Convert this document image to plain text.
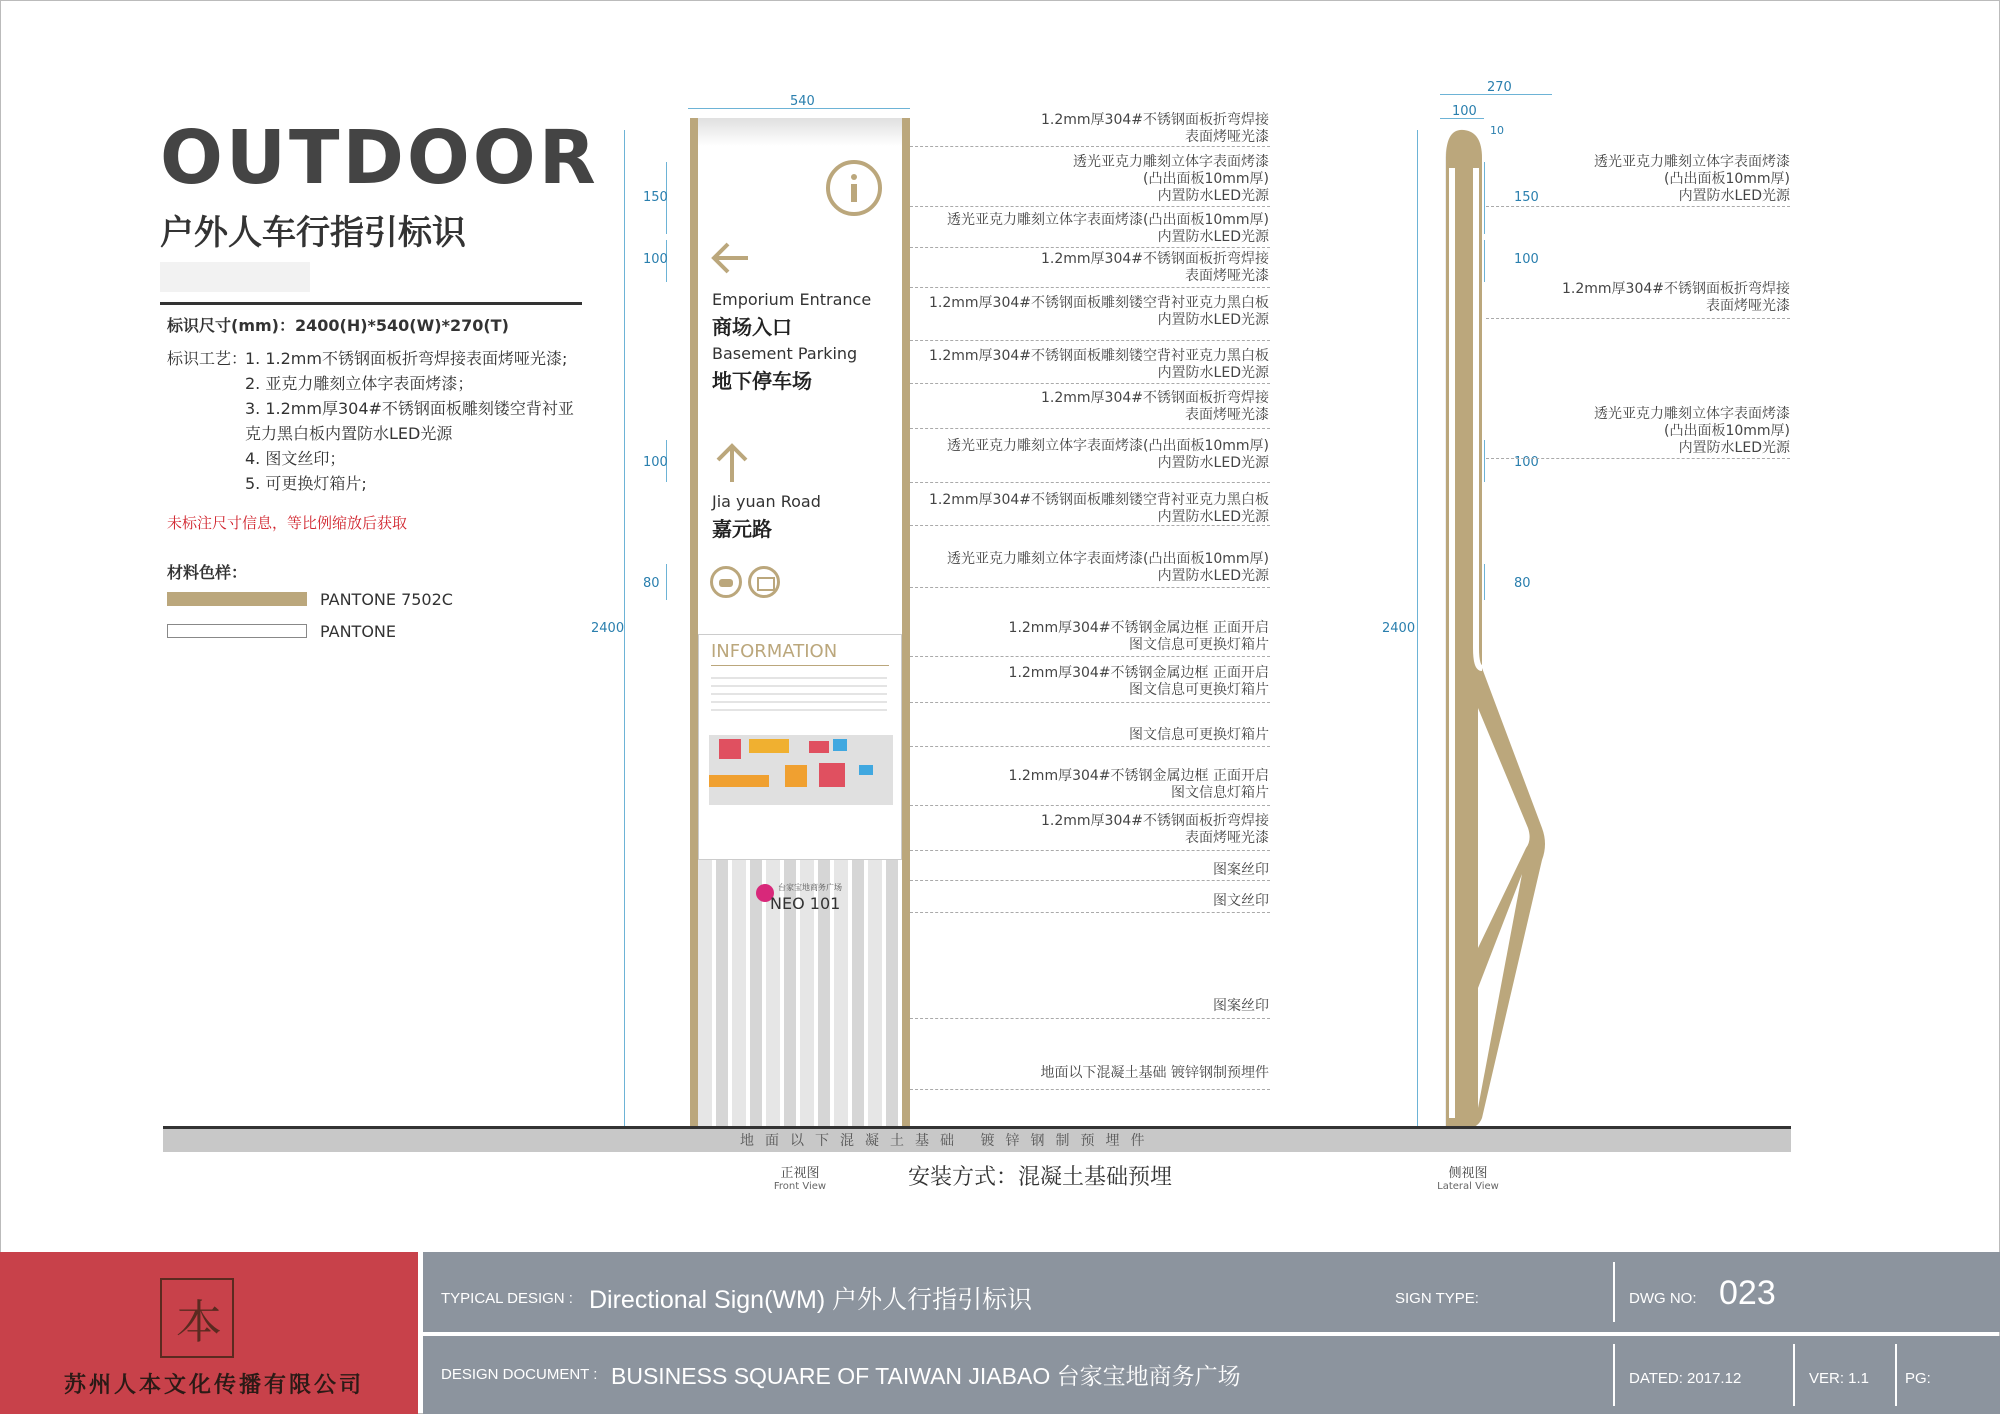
OUTDOOR
户外人车行指引标识
标识尺寸(mm)：2400(H)*540(W)*270(T)
标识工艺：
1. 1.2mm不锈钢面板折弯焊接表面烤哑光漆;
2. 亚克力雕刻立体字表面烤漆；
3. 1.2mm厚304#不锈钢面板雕刻镂空背衬亚
克力黑白板内置防水LED光源
4. 图文丝印；
5. 可更换灯箱片;
未标注尺寸信息，等比例缩放后获取
材料色样：
PANTONE 7502C
PANTONE
Emporium Entrance
商场入口
Basement Parking
地下停车场
Jia yuan Road
嘉元路
INFORMATION
台家宝地商务广场
NEO 101
540
2400
150
100
100
80
1.2mm厚304#不锈钢面板折弯焊接
表面烤哑光漆
透光亚克力雕刻立体字表面烤漆
(凸出面板10mm厚)
内置防水LED光源
透光亚克力雕刻立体字表面烤漆(凸出面板10mm厚)
内置防水LED光源
1.2mm厚304#不锈钢面板折弯焊接
表面烤哑光漆
1.2mm厚304#不锈钢面板雕刻镂空背衬亚克力黑白板
内置防水LED光源
1.2mm厚304#不锈钢面板雕刻镂空背衬亚克力黑白板
内置防水LED光源
1.2mm厚304#不锈钢面板折弯焊接
表面烤哑光漆
透光亚克力雕刻立体字表面烤漆(凸出面板10mm厚)
内置防水LED光源
1.2mm厚304#不锈钢面板雕刻镂空背衬亚克力黑白板
内置防水LED光源
透光亚克力雕刻立体字表面烤漆(凸出面板10mm厚)
内置防水LED光源
1.2mm厚304#不锈钢金属边框 正面开启
图文信息可更换灯箱片
1.2mm厚304#不锈钢金属边框 正面开启
图文信息可更换灯箱片
图文信息可更换灯箱片
1.2mm厚304#不锈钢金属边框 正面开启
图文信息灯箱片
1.2mm厚304#不锈钢面板折弯焊接
表面烤哑光漆
图案丝印
图文丝印
图案丝印
地面以下混凝土基础 镀锌钢制预埋件
270
100
10
2400
150
100
100
80
透光亚克力雕刻立体字表面烤漆
(凸出面板10mm厚)
内置防水LED光源
1.2mm厚304#不锈钢面板折弯焊接
表面烤哑光漆
透光亚克力雕刻立体字表面烤漆
(凸出面板10mm厚)
内置防水LED光源
地面以下混凝土基础 镀锌钢制预埋件
正视图
Front View	安装方式：混凝土基础预埋	侧视图
Lateral View
本
苏州人本文化传播有限公司
TYPICAL DESIGN : Directional Sign(WM) 户外人行指引标识	SIGN TYPE:	DWG NO: 023
DESIGN DOCUMENT : BUSINESS SQUARE OF TAIWAN JIABAO 台家宝地商务广场	DATED: 2017.12	VER: 1.1 PG:
